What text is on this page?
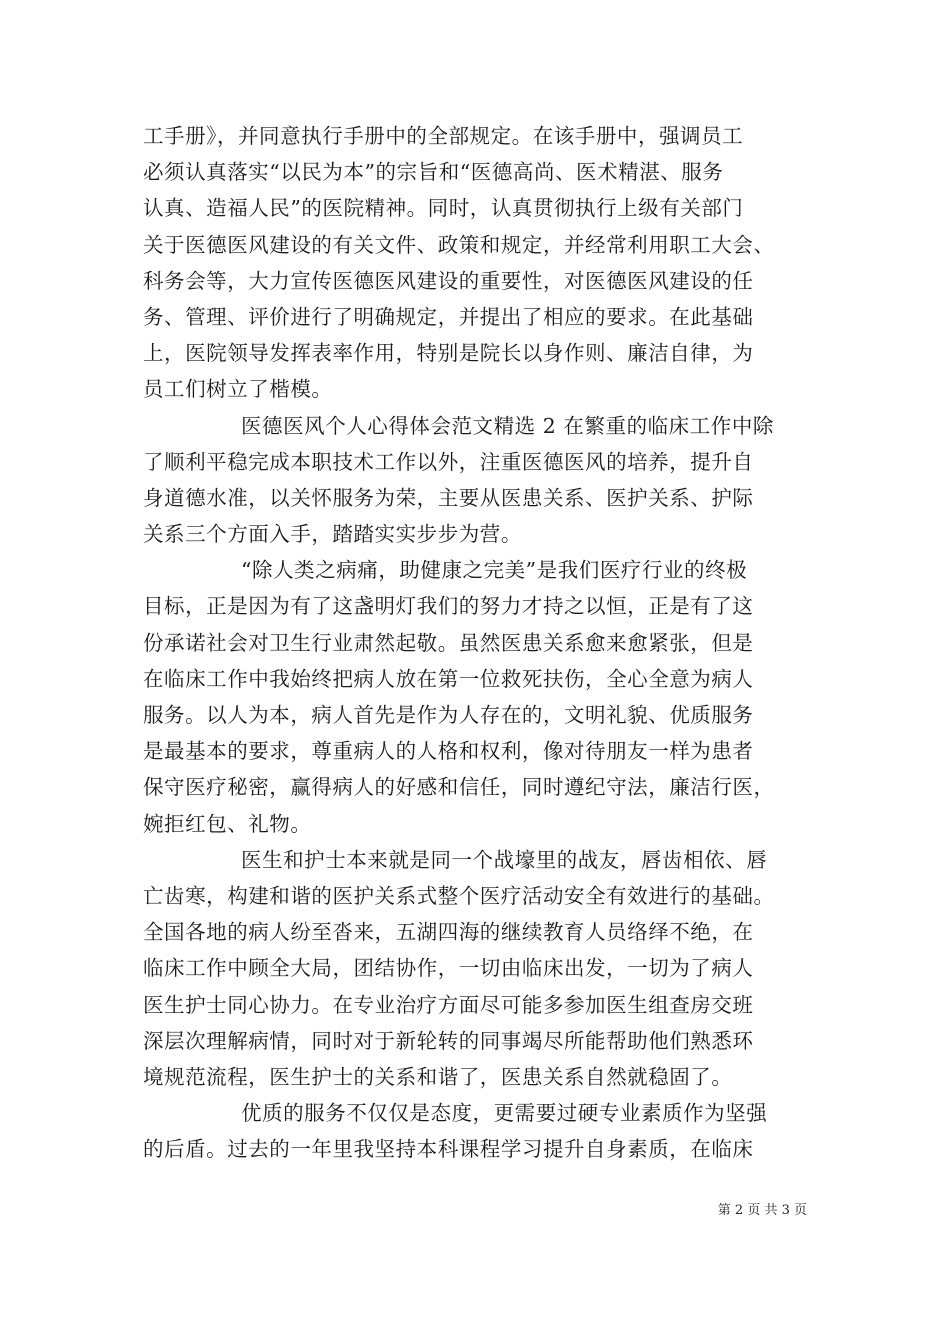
工手册》，并同意执行手册中的全部规定。在该手册中，强调员工
必须认真落实“以民为本”的宗旨和“医德高尚、医术精湛、服务
认真、造福人民”的医院精神。同时，认真贯彻执行上级有关部门
关于医德医风建设的有关文件、政策和规定，并经常利用职工大会、
科务会等，大力宣传医德医风建设的重要性，对医德医风建设的任
务、管理、评价进行了明确规定，并提出了相应的要求。在此基础
上，医院领导发挥表率作用，特别是院长以身作则、廉洁自律，为
员工们树立了楷模。
医德医风个人心得体会范文精选 2 在繁重的临床工作中除
了顺利平稳完成本职技术工作以外，注重医德医风的培养，提升自
身道德水准，以关怀服务为荣，主要从医患关系、医护关系、护际
关系三个方面入手，踏踏实实步步为营。
“除人类之病痛，助健康之完美”是我们医疗行业的终极
目标，正是因为有了这盏明灯我们的努力才持之以恒，正是有了这
份承诺社会对卫生行业肃然起敬。虽然医患关系愈来愈紧张，但是
在临床工作中我始终把病人放在第一位救死扶伤，全心全意为病人
服务。以人为本，病人首先是作为人存在的，文明礼貌、优质服务
是最基本的要求，尊重病人的人格和权利，像对待朋友一样为患者
保守医疗秘密，赢得病人的好感和信任，同时遵纪守法，廉洁行医，
婉拒红包、礼物。
医生和护士本来就是同一个战壕里的战友，唇齿相依、唇
亡齿寒，构建和谐的医护关系式整个医疗活动安全有效进行的基础。
全国各地的病人纷至沓来，五湖四海的继续教育人员络绎不绝，在
临床工作中顾全大局，团结协作，一切由临床出发，一切为了病人
医生护士同心协力。在专业治疗方面尽可能多参加医生组查房交班
深层次理解病情，同时对于新轮转的同事竭尽所能帮助他们熟悉环
境规范流程，医生护士的关系和谐了，医患关系自然就稳固了。
优质的服务不仅仅是态度，更需要过硬专业素质作为坚强
的后盾。过去的一年里我坚持本科课程学习提升自身素质，在临床
第 2 页 共 3 页
